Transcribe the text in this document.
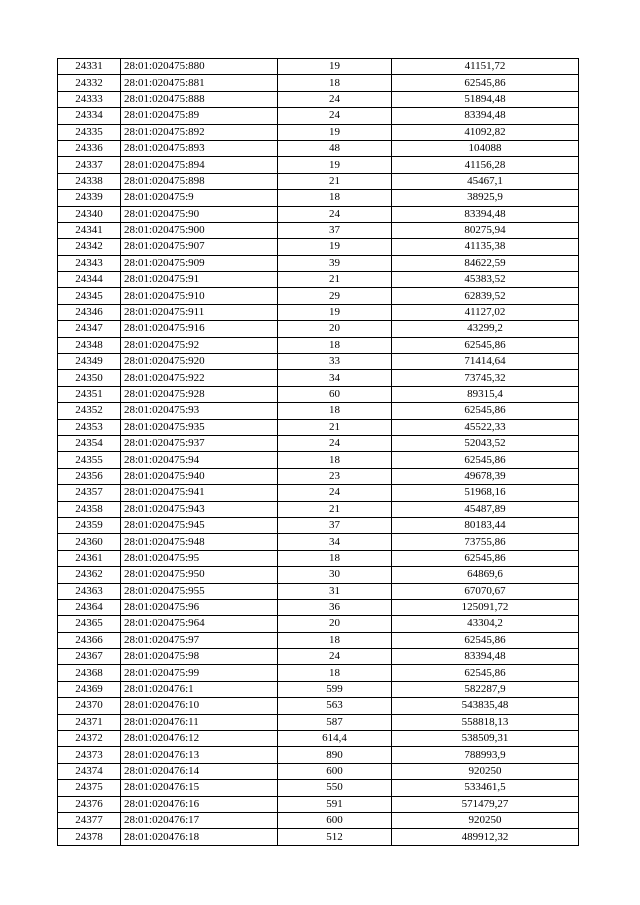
24331	28:01:020475:880	19	41151,72
24332	28:01:020475:881	18	62545,86
24333	28:01:020475:888	24	51894,48
24334	28:01:020475:89	24	83394,48
24335	28:01:020475:892	19	41092,82
24336	28:01:020475:893	48	104088
24337	28:01:020475:894	19	41156,28
24338	28:01:020475:898	21	45467,1
24339	28:01:020475:9	18	38925,9
24340	28:01:020475:90	24	83394,48
24341	28:01:020475:900	37	80275,94
24342	28:01:020475:907	19	41135,38
24343	28:01:020475:909	39	84622,59
24344	28:01:020475:91	21	45383,52
24345	28:01:020475:910	29	62839,52
24346	28:01:020475:911	19	41127,02
24347	28:01:020475:916	20	43299,2
24348	28:01:020475:92	18	62545,86
24349	28:01:020475:920	33	71414,64
24350	28:01:020475:922	34	73745,32
24351	28:01:020475:928	60	89315,4
24352	28:01:020475:93	18	62545,86
24353	28:01:020475:935	21	45522,33
24354	28:01:020475:937	24	52043,52
24355	28:01:020475:94	18	62545,86
24356	28:01:020475:940	23	49678,39
24357	28:01:020475:941	24	51968,16
24358	28:01:020475:943	21	45487,89
24359	28:01:020475:945	37	80183,44
24360	28:01:020475:948	34	73755,86
24361	28:01:020475:95	18	62545,86
24362	28:01:020475:950	30	64869,6
24363	28:01:020475:955	31	67070,67
24364	28:01:020475:96	36	125091,72
24365	28:01:020475:964	20	43304,2
24366	28:01:020475:97	18	62545,86
24367	28:01:020475:98	24	83394,48
24368	28:01:020475:99	18	62545,86
24369	28:01:020476:1	599	582287,9
24370	28:01:020476:10	563	543835,48
24371	28:01:020476:11	587	558818,13
24372	28:01:020476:12	614,4	538509,31
24373	28:01:020476:13	890	788993,9
24374	28:01:020476:14	600	920250
24375	28:01:020476:15	550	533461,5
24376	28:01:020476:16	591	571479,27
24377	28:01:020476:17	600	920250
24378	28:01:020476:18	512	489912,32
